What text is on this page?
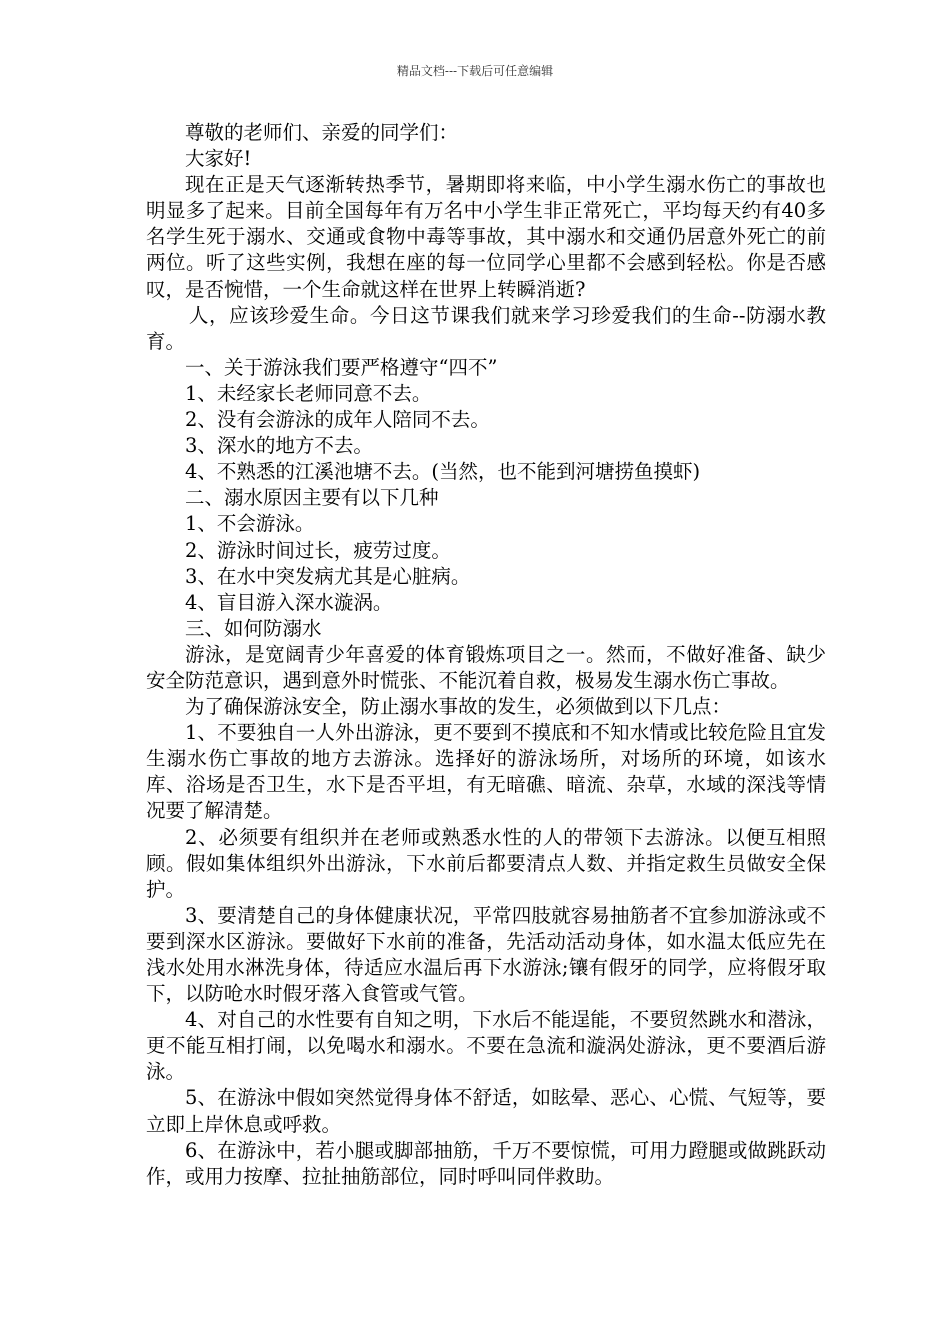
精品文档---下载后可任意编辑

尊敬的老师们、亲爱的同学们：

大家好!

现在正是天气逐渐转热季节，暑期即将来临，中小学生溺水伤亡的事故也明显多了起来。目前全国每年有万名中小学生非正常死亡，平均每天约有40多名学生死于溺水、交通或食物中毒等事故，其中溺水和交通仍居意外死亡的前两位。听了这些实例，我想在座的每一位同学心里都不会感到轻松。你是否感叹，是否惋惜，一个生命就这样在世界上转瞬消逝?

人，应该珍爱生命。今日这节课我们就来学习珍爱我们的生命--防溺水教育。

一、关于游泳我们要严格遵守“四不”

1、未经家长老师同意不去。

2、没有会游泳的成年人陪同不去。

3、深水的地方不去。

4、不熟悉的江溪池塘不去。(当然，也不能到河塘捞鱼摸虾)

二、溺水原因主要有以下几种

1、不会游泳。

2、游泳时间过长，疲劳过度。

3、在水中突发病尤其是心脏病。

4、盲目游入深水漩涡。

三、如何防溺水

游泳，是宽阔青少年喜爱的体育锻炼项目之一。然而，不做好准备、缺少安全防范意识，遇到意外时慌张、不能沉着自救，极易发生溺水伤亡事故。

为了确保游泳安全，防止溺水事故的发生，必须做到以下几点：

1、不要独自一人外出游泳，更不要到不摸底和不知水情或比较危险且宜发生溺水伤亡事故的地方去游泳。选择好的游泳场所，对场所的环境，如该水库、浴场是否卫生，水下是否平坦，有无暗礁、暗流、杂草，水域的深浅等情况要了解清楚。

2、必须要有组织并在老师或熟悉水性的人的带领下去游泳。以便互相照顾。假如集体组织外出游泳，下水前后都要清点人数、并指定救生员做安全保护。

3、要清楚自己的身体健康状况，平常四肢就容易抽筋者不宜参加游泳或不要到深水区游泳。要做好下水前的准备，先活动活动身体，如水温太低应先在浅水处用水淋洗身体，待适应水温后再下水游泳;镶有假牙的同学，应将假牙取下，以防呛水时假牙落入食管或气管。

4、对自己的水性要有自知之明，下水后不能逞能，不要贸然跳水和潜泳，更不能互相打闹，以免喝水和溺水。不要在急流和漩涡处游泳，更不要酒后游泳。

5、在游泳中假如突然觉得身体不舒适，如眩晕、恶心、心慌、气短等，要立即上岸休息或呼救。

6、在游泳中，若小腿或脚部抽筋，千万不要惊慌，可用力蹬腿或做跳跃动作，或用力按摩、拉扯抽筋部位，同时呼叫同伴救助。
